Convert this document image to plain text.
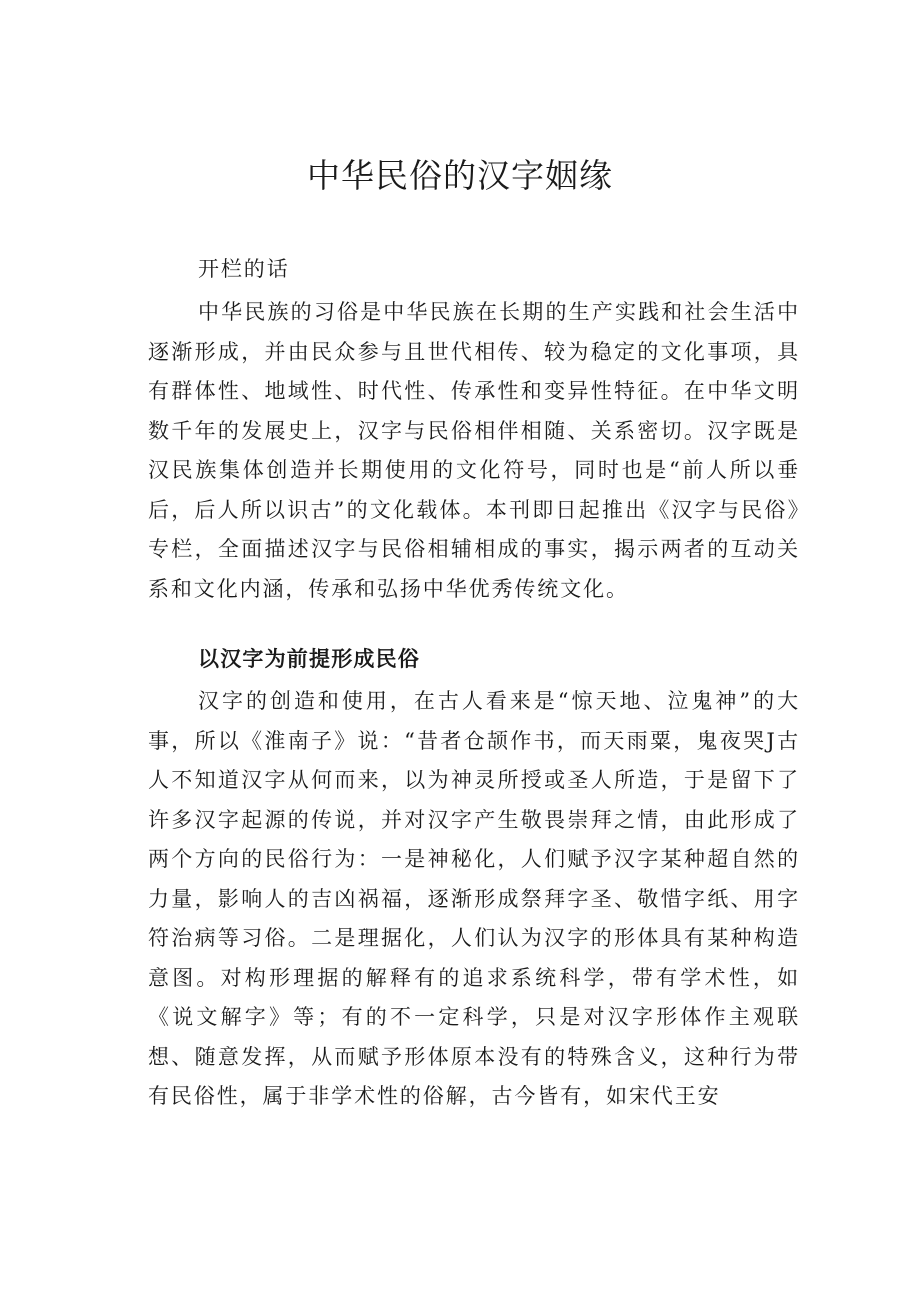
中华民俗的汉字姻缘

开栏的话

中华民族的习俗是中华民族在长期的生产实践和社会生活中逐渐形成，并由民众参与且世代相传、较为稳定的文化事项，具有群体性、地域性、时代性、传承性和变异性特征。在中华文明数千年的发展史上，汉字与民俗相伴相随、关系密切。汉字既是汉民族集体创造并长期使用的文化符号，同时也是“前人所以垂后，后人所以识古”的文化载体。本刊即日起推出《汉字与民俗》专栏，全面描述汉字与民俗相辅相成的事实，揭示两者的互动关系和文化内涵，传承和弘扬中华优秀传统文化。

以汉字为前提形成民俗

汉字的创造和使用，在古人看来是“惊天地、泣鬼神”的大事，所以《淮南子》说：“昔者仓颉作书，而天雨粟，鬼夜哭J古人不知道汉字从何而来，以为神灵所授或圣人所造，于是留下了许多汉字起源的传说，并对汉字产生敬畏崇拜之情，由此形成了两个方向的民俗行为：一是神秘化，人们赋予汉字某种超自然的力量，影响人的吉凶祸福，逐渐形成祭拜字圣、敬惜字纸、用字符治病等习俗。二是理据化，人们认为汉字的形体具有某种构造意图。对构形理据的解释有的追求系统科学，带有学术性，如《说文解字》等；有的不一定科学，只是对汉字形体作主观联想、随意发挥，从而赋予形体原本没有的特殊含义，这种行为带有民俗性，属于非学术性的俗解，古今皆有，如宋代王安
